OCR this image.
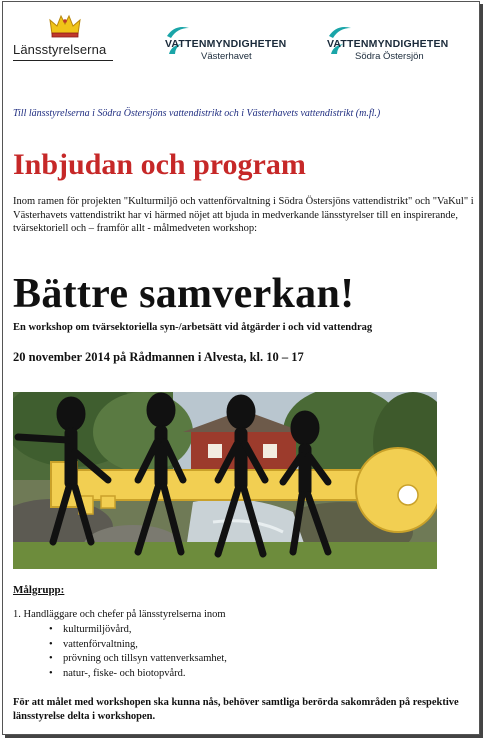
Länsstyrelserna	VATTENMYNDIGHETEN
Västerhavet
VATTENMYNDIGHETEN
Södra Östersjön
Till länsstyrelserna i Södra Östersjöns vattendistrikt och i Västerhavets vattendistrikt (m.fl.)
Inbjudan och program

Inom ramen för projekten "Kulturmiljö och vattenförvaltning i Södra Östersjöns vattendistrikt" och "VaKul" i Västerhavets vattendistrikt har vi härmed nöjet att bjuda in medverkande länsstyrelser till en inspirerande, tvärsektoriell och – framför allt - målmedveten workshop:

Bättre samverkan!
En workshop om tvärsektoriella syn-/arbetsätt vid åtgärder i och vid vattendrag
20 november 2014 på Rådmannen i Alvesta, kl. 10 – 17
Målgrupp:
1. Handläggare och chefer på länsstyrelserna inom
• kulturmiljövård,
• vattenförvaltning,
• prövning och tillsyn vattenverksamhet,
• natur-, fiske- och biotopvård.

För att målet med workshopen ska kunna nås, behöver samtliga berörda sakområden på respektive länsstyrelse delta i workshopen.
